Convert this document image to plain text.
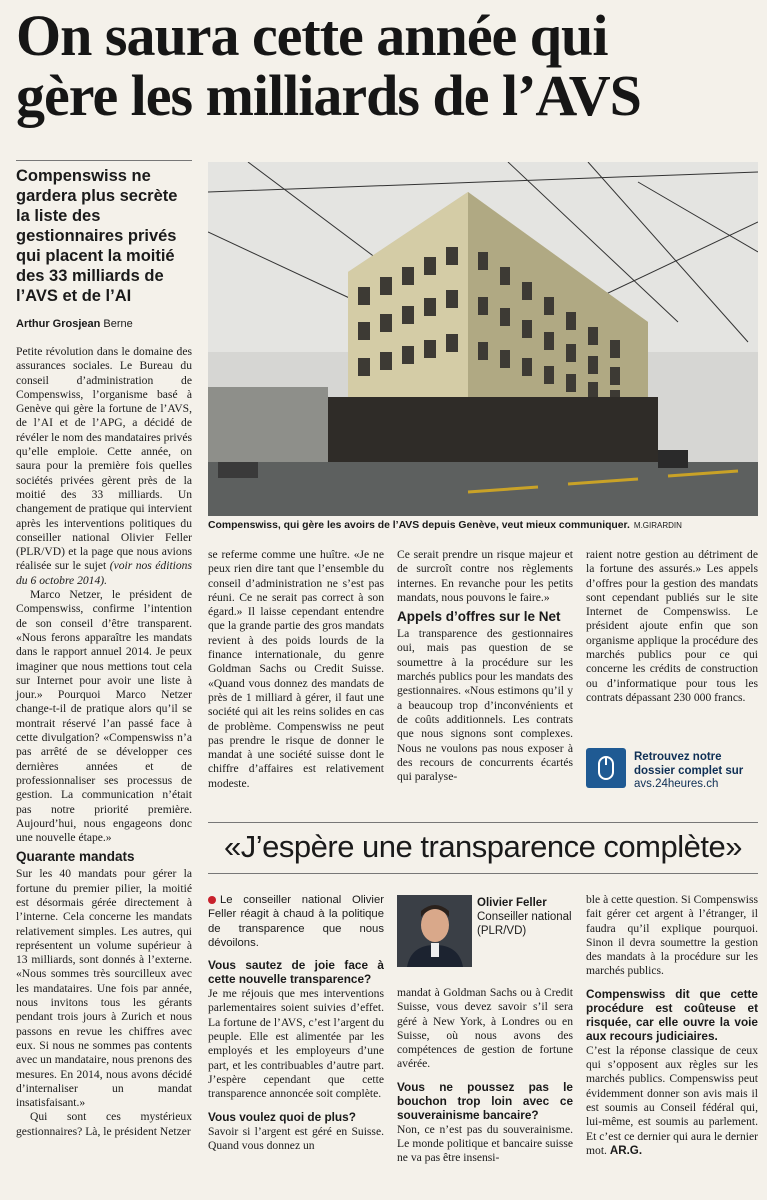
On saura cette année qui
gère les milliards de l’AVS
Compenswiss ne gardera plus secrète la liste des gestionnaires privés qui placent la moitié des 33 milliards de l’AVS et de l’AI
Arthur Grosjean Berne
Compenswiss, qui gère les avoirs de l’AVS depuis Genève, veut mieux communiquer. M.GIRARDIN

Petite révolution dans le domaine des assurances sociales. Le Bureau du conseil d’administration de Compenswiss, l’organisme basé à Genève qui gère la fortune de l’AVS, de l’AI et de l’APG, a décidé de révéler le nom des mandataires privés qu’elle emploie. Cette année, on saura pour la première fois quelles sociétés privées gèrent près de la moitié des 33 milliards. Un changement de pratique qui intervient après les interventions politiques du conseiller national Olivier Feller (PLR/VD) et la page que nous avions réalisée sur le sujet (voir nos éditions du 6 octobre 2014).

Marco Netzer, le président de Compenswiss, confirme l’intention de son conseil d’être transparent. «Nous ferons apparaître les mandats dans le rapport annuel 2014. Je peux imaginer que nous mettions tout cela sur Internet pour avoir une liste à jour.» Pourquoi Marco Netzer change-t-il de pratique alors qu’il se montrait réservé l’an passé face à cette divulgation? «Compenswiss n’a pas arrêté de se développer ces dernières années et de professionnaliser ses processus de gestion. La communication n’était pas notre priorité première. Aujourd’hui, nous engageons donc une nouvelle étape.»

Quarante mandats

Sur les 40 mandats pour gérer la fortune du premier pilier, la moitié est désormais gérée directement à l’interne. Cela concerne les mandats relativement simples. Les autres, qui représentent un volume supérieur à 13 milliards, sont donnés à l’externe. «Nous sommes très sourcilleux avec les mandataires. Une fois par année, nous invitons tous les gérants pendant trois jours à Zurich et nous passons en revue les chiffres avec eux. Si nous ne sommes pas contents avec un mandataire, nous prenons des mesures. En 2014, nous avons décidé d’internaliser un mandat insatisfaisant.»

Qui sont ces mystérieux gestionnaires? Là, le président Netzer

se referme comme une huître. «Je ne peux rien dire tant que l’ensemble du conseil d’administration ne s’est pas réuni. Ce ne serait pas correct à son égard.» Il laisse cependant entendre que la grande partie des gros mandats revient à des poids lourds de la finance internationale, du genre Goldman Sachs ou Credit Suisse. «Quand vous donnez des mandats de près de 1 milliard à gérer, il faut une société qui ait les reins solides en cas de problème. Compenswiss ne peut pas prendre le risque de donner le mandat à une société suisse dont le chiffre d’affaires est relativement modeste.

Ce serait prendre un risque majeur et de surcroît contre nos règlements internes. En revanche pour les petits mandats, nous pouvons le faire.»

Appels d’offres sur le Net

La transparence des gestionnaires oui, mais pas question de se soumettre à la procédure sur les marchés publics pour les mandats des gestionnaires. «Nous estimons qu’il y a beaucoup trop d’inconvénients et de coûts additionnels. Les contrats que nous signons sont complexes. Nous ne voulons pas nous exposer à des recours de concurrents écartés qui paralyse-

raient notre gestion au détriment de la fortune des assurés.» Les appels d’offres pour la gestion des mandats sont cependant publiés sur le site Internet de Compenswiss. Le président ajoute enfin que son organisme applique la procédure des marchés publics pour ce qui concerne les crédits de construction ou d’informatique pour tous les contrats dépassant 230 000 francs.

Retrouvez notre dossier complet sur
avs.24heures.ch
«J’espère une transparence complète»

Le conseiller national Olivier Feller réagit à chaud à la politique de transparence que nous dévoilons.

Vous sautez de joie face à cette nouvelle transparence?

Je me réjouis que mes interventions parlementaires soient suivies d’effet. La fortune de l’AVS, c’est l’argent du peuple. Elle est alimentée par les employés et les employeurs d’une part, et les contribuables d’autre part. J’espère cependant que cette transparence annoncée soit complète.

Vous voulez quoi de plus?

Savoir si l’argent est géré en Suisse. Quand vous donnez un

Olivier Feller
Conseiller national (PLR/VD)

mandat à Goldman Sachs ou à Credit Suisse, vous devez savoir s’il sera géré à New York, à Londres ou en Suisse, où nous avons des compétences de gestion de fortune avérée.

Vous ne poussez pas le bouchon trop loin avec ce souverainisme bancaire?

Non, ce n’est pas du souverainisme. Le monde politique et bancaire suisse ne va pas être insensi-

ble à cette question. Si Compenswiss fait gérer cet argent à l’étranger, il faudra qu’il explique pourquoi. Sinon il devra soumettre la gestion des mandats à la procédure sur les marchés publics.

Compenswiss dit que cette procédure est coûteuse et risquée, car elle ouvre la voie aux recours judiciaires.

C’est la réponse classique de ceux qui s’opposent aux règles sur les marchés publics. Compenswiss peut évidemment donner son avis mais il est soumis au Conseil fédéral qui, lui-même, est soumis au parlement. Et c’est ce dernier qui aura le dernier mot. AR.G.
